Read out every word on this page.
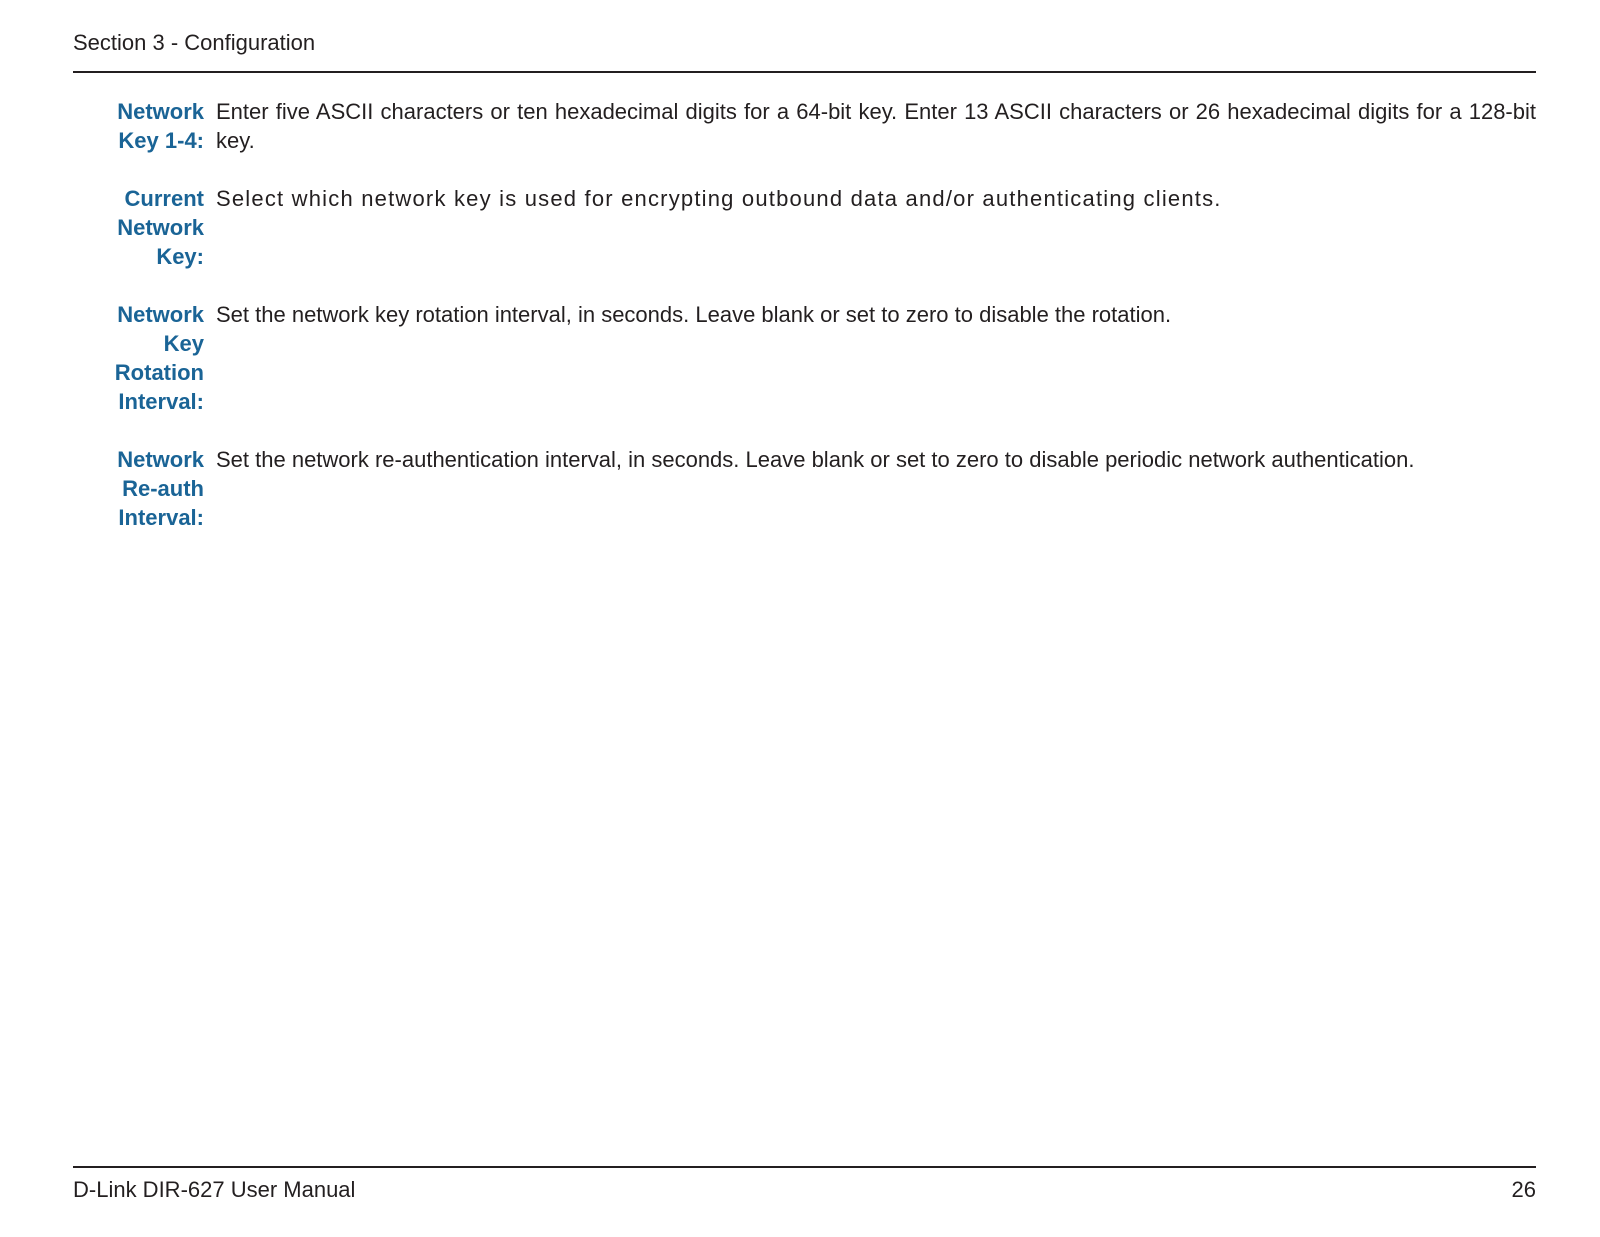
Section 3 - Configuration
Network
Key 1-4:
Enter five ASCII characters or ten hexadecimal digits for a 64-bit key. Enter 13 ASCII characters or 26 hexadecimal digits for a 128-bit key.
Current
Network
Key:
Select which network key is used for encrypting outbound data and/or authenticating clients.
Network
Key
Rotation
Interval:
Set the network key rotation interval, in seconds. Leave blank or set to zero to disable the rotation.
Network
Re-auth
Interval:
Set the network re-authentication interval, in seconds. Leave blank or set to zero to disable periodic network authentication.
D-Link DIR-627 User Manual	26
